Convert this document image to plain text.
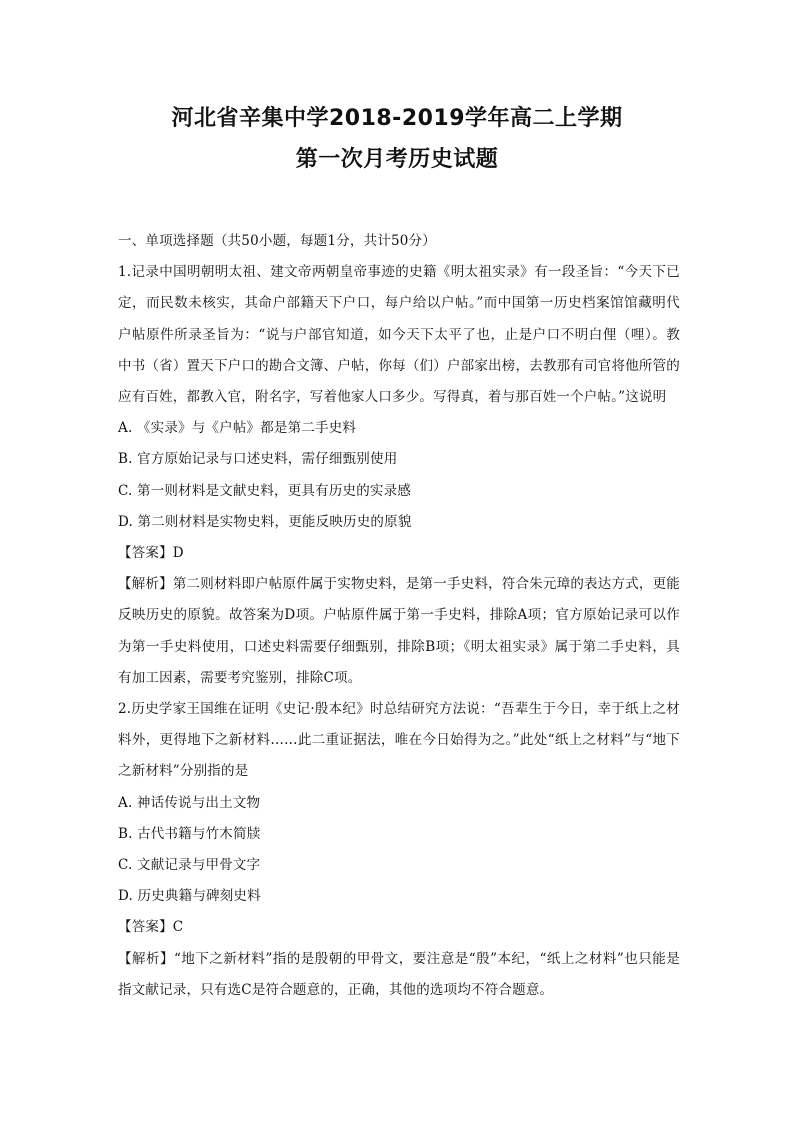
河北省辛集中学2018-2019学年高二上学期
第一次月考历史试题

一、单项选择题（共50小题，每题1分，共计50分）

1.记录中国明朝明太祖、建文帝两朝皇帝事迹的史籍《明太祖实录》有一段圣旨：“今天下已定，而民数未核实，其命户部籍天下户口，每户给以户帖。”而中国第一历史档案馆馆藏明代户帖原件所录圣旨为：“说与户部官知道，如今天下太平了也，止是户口不明白俚（哩）。教中书（省）置天下户口的勘合文簿、户帖，你每（们）户部家出榜，去教那有司官将他所管的应有百姓，都教入官，附名字，写着他家人口多少。写得真，着与那百姓一个户帖。”这说明

A. 《实录》与《户帖》都是第二手史料
B. 官方原始记录与口述史料，需仔细甄别使用
C. 第一则材料是文献史料，更具有历史的实录感
D. 第二则材料是实物史料，更能反映历史的原貌

【答案】D

【解析】第二则材料即户帖原件属于实物史料，是第一手史料，符合朱元璋的表达方式，更能反映历史的原貌。故答案为D项。户帖原件属于第一手史料，排除A项；官方原始记录可以作为第一手史料使用，口述史料需要仔细甄别，排除B项；《明太祖实录》属于第二手史料，具有加工因素，需要考究鉴别，排除C项。

2.历史学家王国维在证明《史记·殷本纪》时总结研究方法说：“吾辈生于今日，幸于纸上之材料外，更得地下之新材料……此二重证据法，唯在今日始得为之。”此处“纸上之材料”与“地下之新材料”分别指的是

A. 神话传说与出土文物
B. 古代书籍与竹木简牍
C. 文献记录与甲骨文字
D. 历史典籍与碑刻史料

【答案】C

【解析】“地下之新材料”指的是殷朝的甲骨文，要注意是“殷”本纪，“纸上之材料”也只能是指文献记录，只有选C是符合题意的，正确，其他的选项均不符合题意。
